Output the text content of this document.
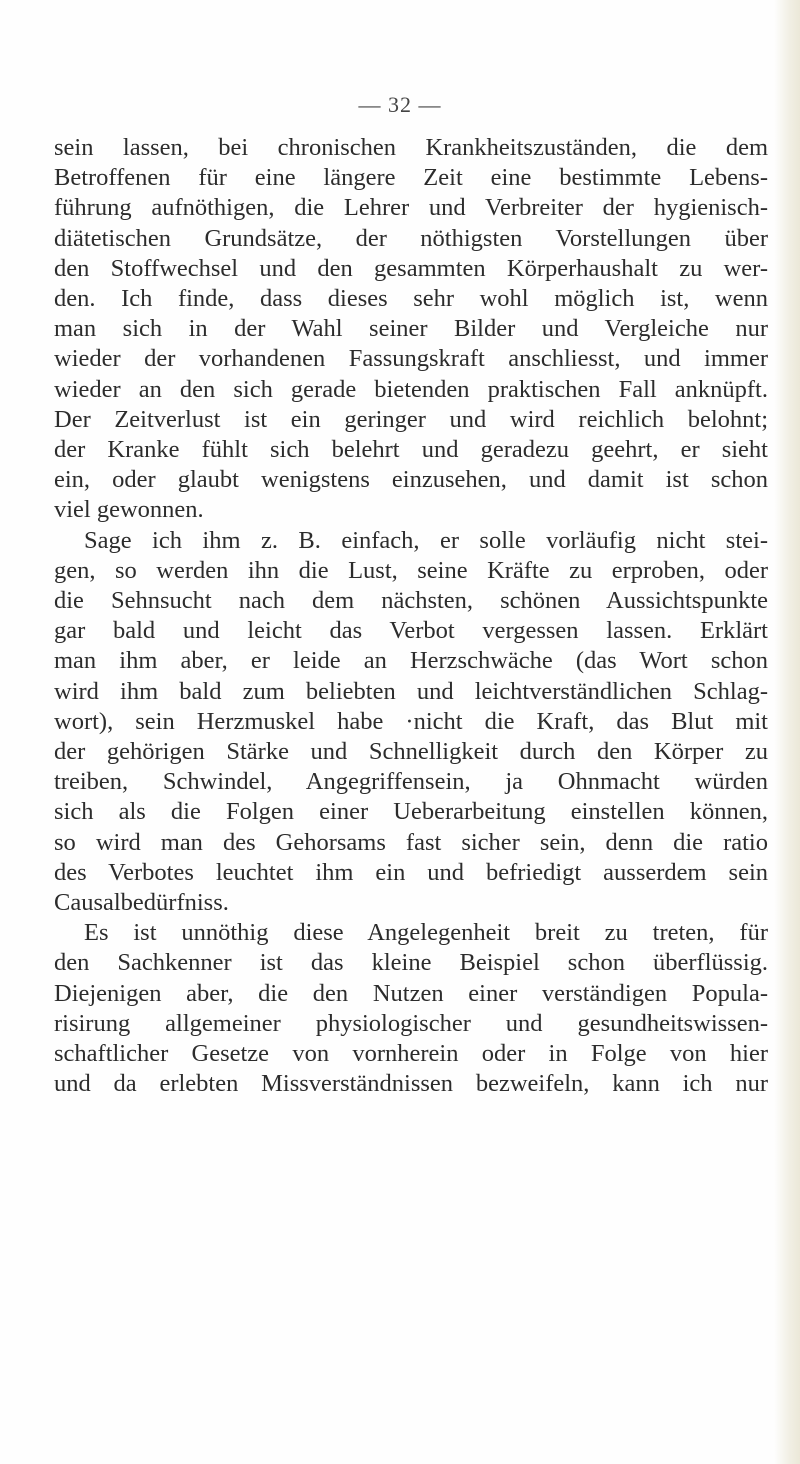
— 32 —
sein lassen, bei chronischen Krankheitszuständen, die dem
Betroffenen für eine längere Zeit eine bestimmte Lebens-
führung aufnöthigen, die Lehrer und Verbreiter der hygienisch-
diätetischen Grundsätze, der nöthigsten Vorstellungen über
den Stoffwechsel und den gesammten Körperhaushalt zu wer-
den. Ich finde, dass dieses sehr wohl möglich ist, wenn
man sich in der Wahl seiner Bilder und Vergleiche nur
wieder der vorhandenen Fassungskraft anschliesst, und immer
wieder an den sich gerade bietenden praktischen Fall anknüpft.
Der Zeitverlust ist ein geringer und wird reichlich belohnt;
der Kranke fühlt sich belehrt und geradezu geehrt, er sieht
ein, oder glaubt wenigstens einzusehen, und damit ist schon
viel gewonnen.
Sage ich ihm z. B. einfach, er solle vorläufig nicht stei-
gen, so werden ihn die Lust, seine Kräfte zu erproben, oder
die Sehnsucht nach dem nächsten, schönen Aussichtspunkte
gar bald und leicht das Verbot vergessen lassen. Erklärt
man ihm aber, er leide an Herzschwäche (das Wort schon
wird ihm bald zum beliebten und leichtverständlichen Schlag-
wort), sein Herzmuskel habe ·nicht die Kraft, das Blut mit
der gehörigen Stärke und Schnelligkeit durch den Körper zu
treiben, Schwindel, Angegriffensein, ja Ohnmacht würden
sich als die Folgen einer Ueberarbeitung einstellen können,
so wird man des Gehorsams fast sicher sein, denn die ratio
des Verbotes leuchtet ihm ein und befriedigt ausserdem sein
Causalbedürfniss.
Es ist unnöthig diese Angelegenheit breit zu treten, für
den Sachkenner ist das kleine Beispiel schon überflüssig.
Diejenigen aber, die den Nutzen einer verständigen Popula-
risirung allgemeiner physiologischer und gesundheitswissen-
schaftlicher Gesetze von vornherein oder in Folge von hier
und da erlebten Missverständnissen bezweifeln, kann ich nur
